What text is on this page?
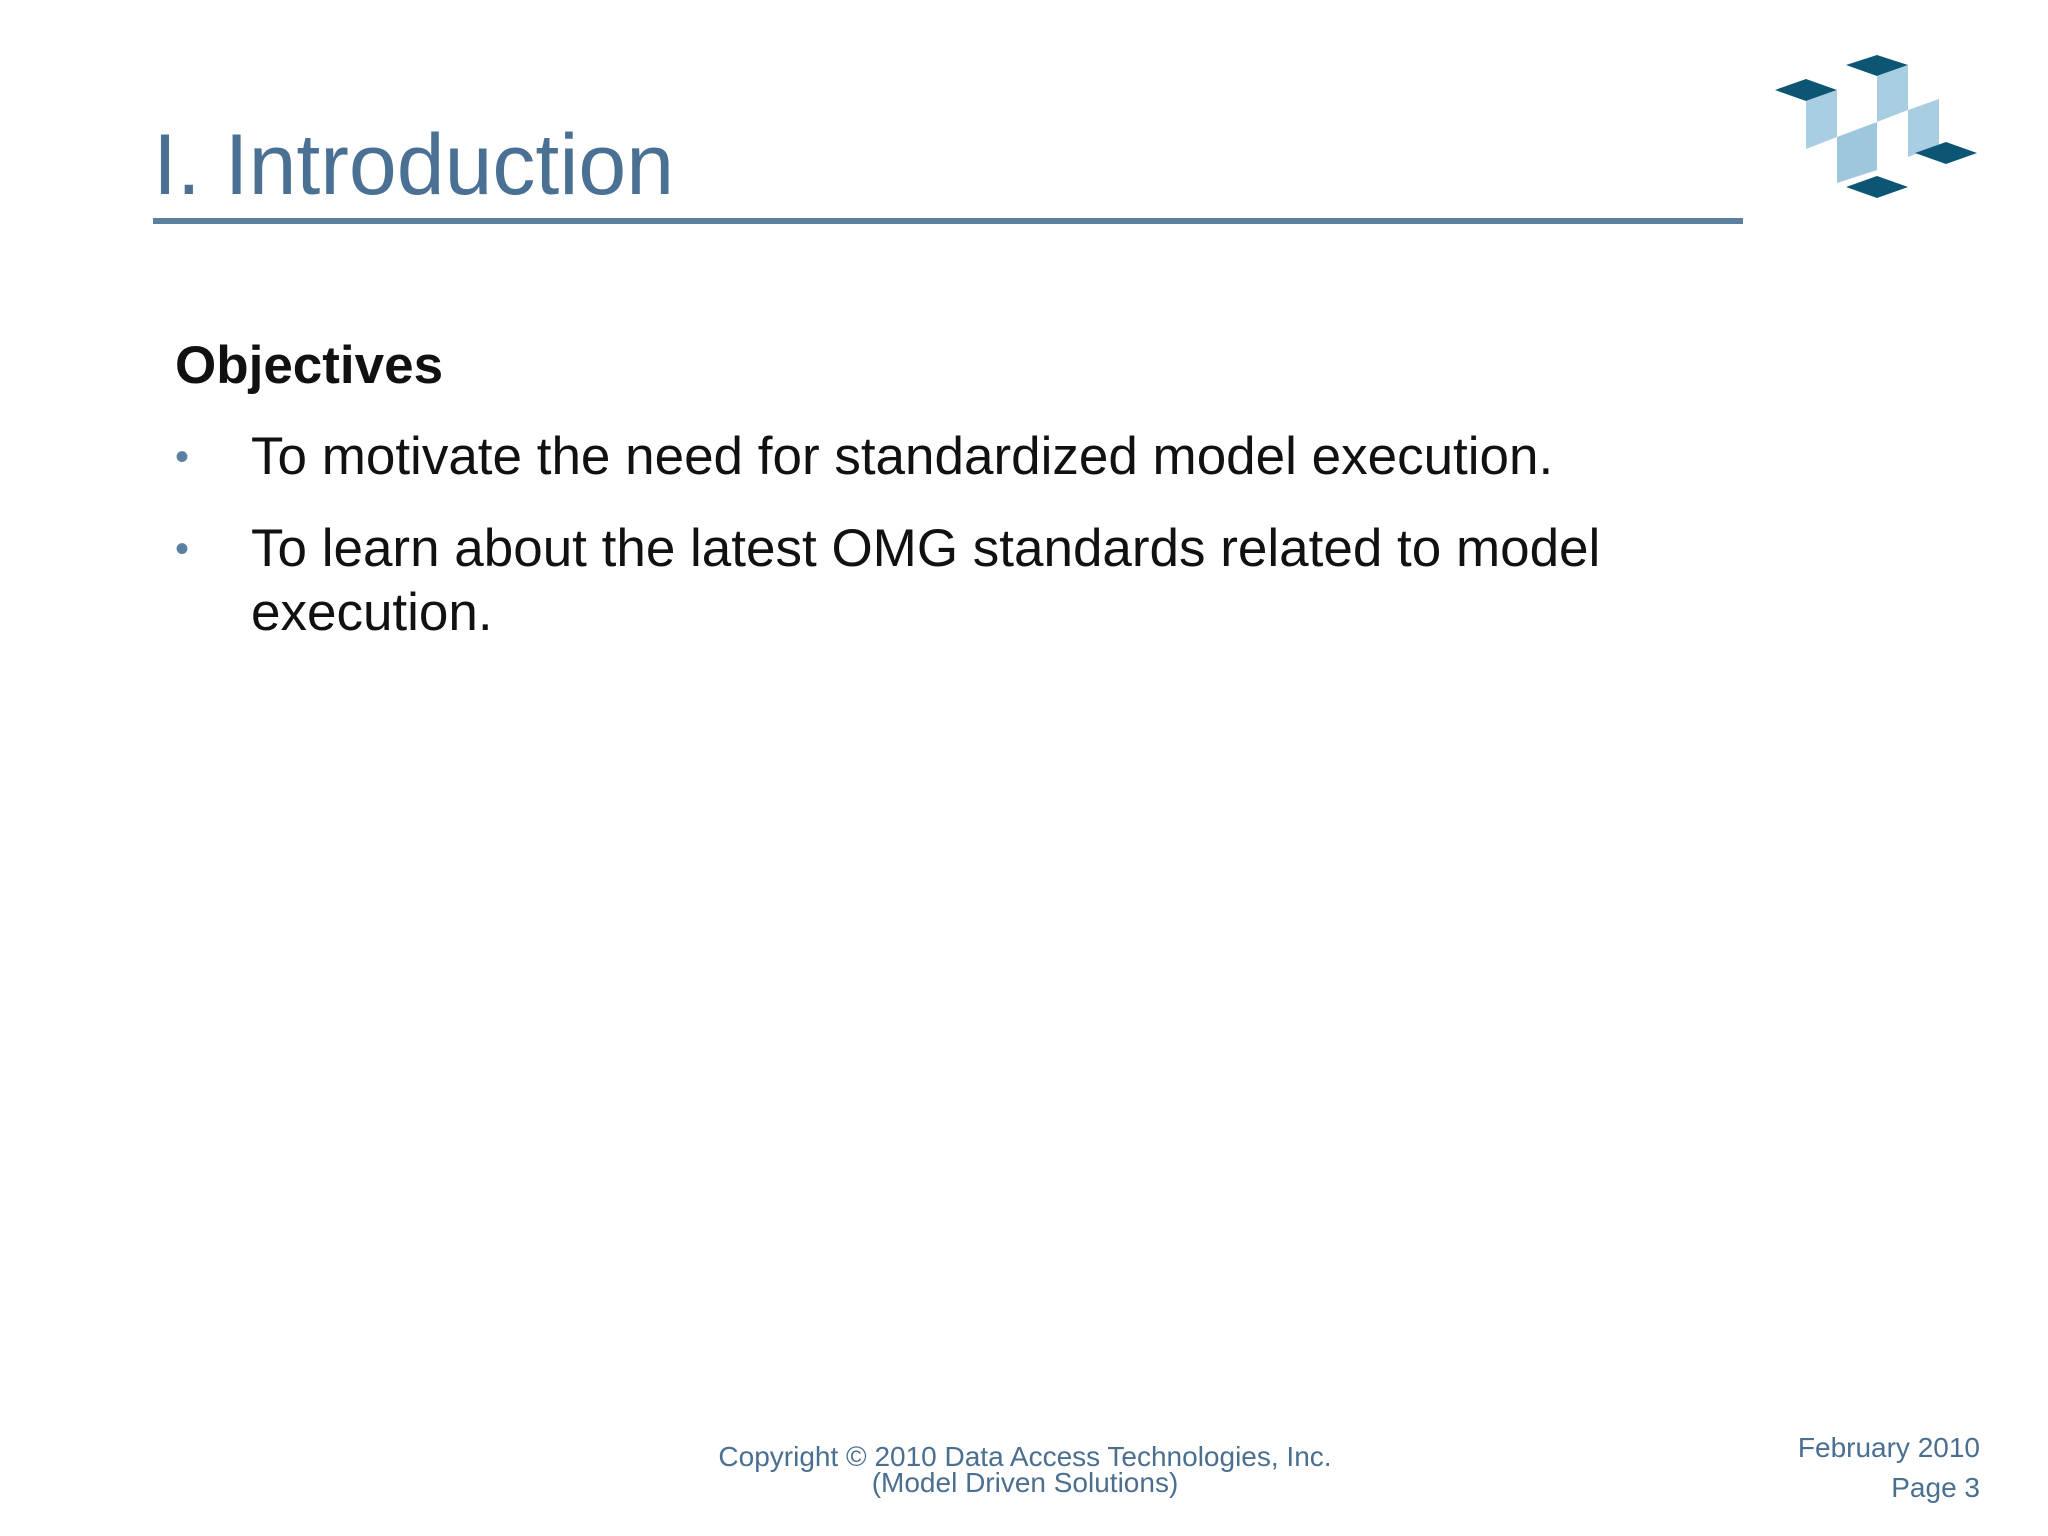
I. Introduction
Objectives
•	To motivate the need for standardized model execution.
•	To learn about the latest OMG standards related to model execution.
Copyright © 2010 Data Access Technologies, Inc.
(Model Driven Solutions)
February 2010
Page 3
